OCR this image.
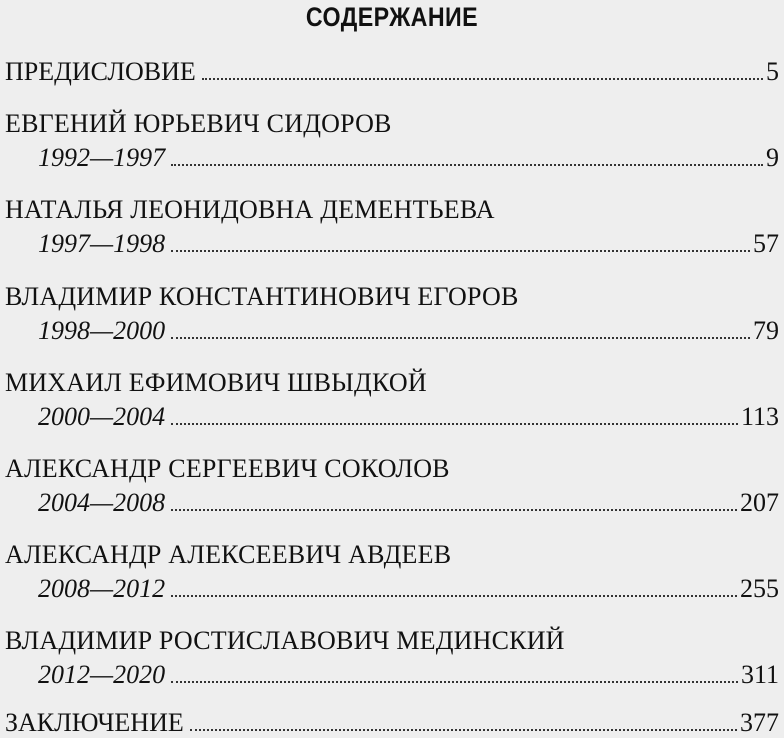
СОДЕРЖАНИЕ
ПРЕДИСЛОВИЕ	5
ЕВГЕНИЙ ЮРЬЕВИЧ СИДОРОВ
1992—1997	9
НАТАЛЬЯ ЛЕОНИДОВНА ДЕМЕНТЬЕВА
1997—1998	57
ВЛАДИМИР КОНСТАНТИНОВИЧ ЕГОРОВ
1998—2000	79
МИХАИЛ ЕФИМОВИЧ ШВЫДКОЙ
2000—2004	113
АЛЕКСАНДР СЕРГЕЕВИЧ СОКОЛОВ
2004—2008	207
АЛЕКСАНДР АЛЕКСЕЕВИЧ АВДЕЕВ
2008—2012	255
ВЛАДИМИР РОСТИСЛАВОВИЧ МЕДИНСКИЙ
2012—2020	311
ЗАКЛЮЧЕНИЕ	377
